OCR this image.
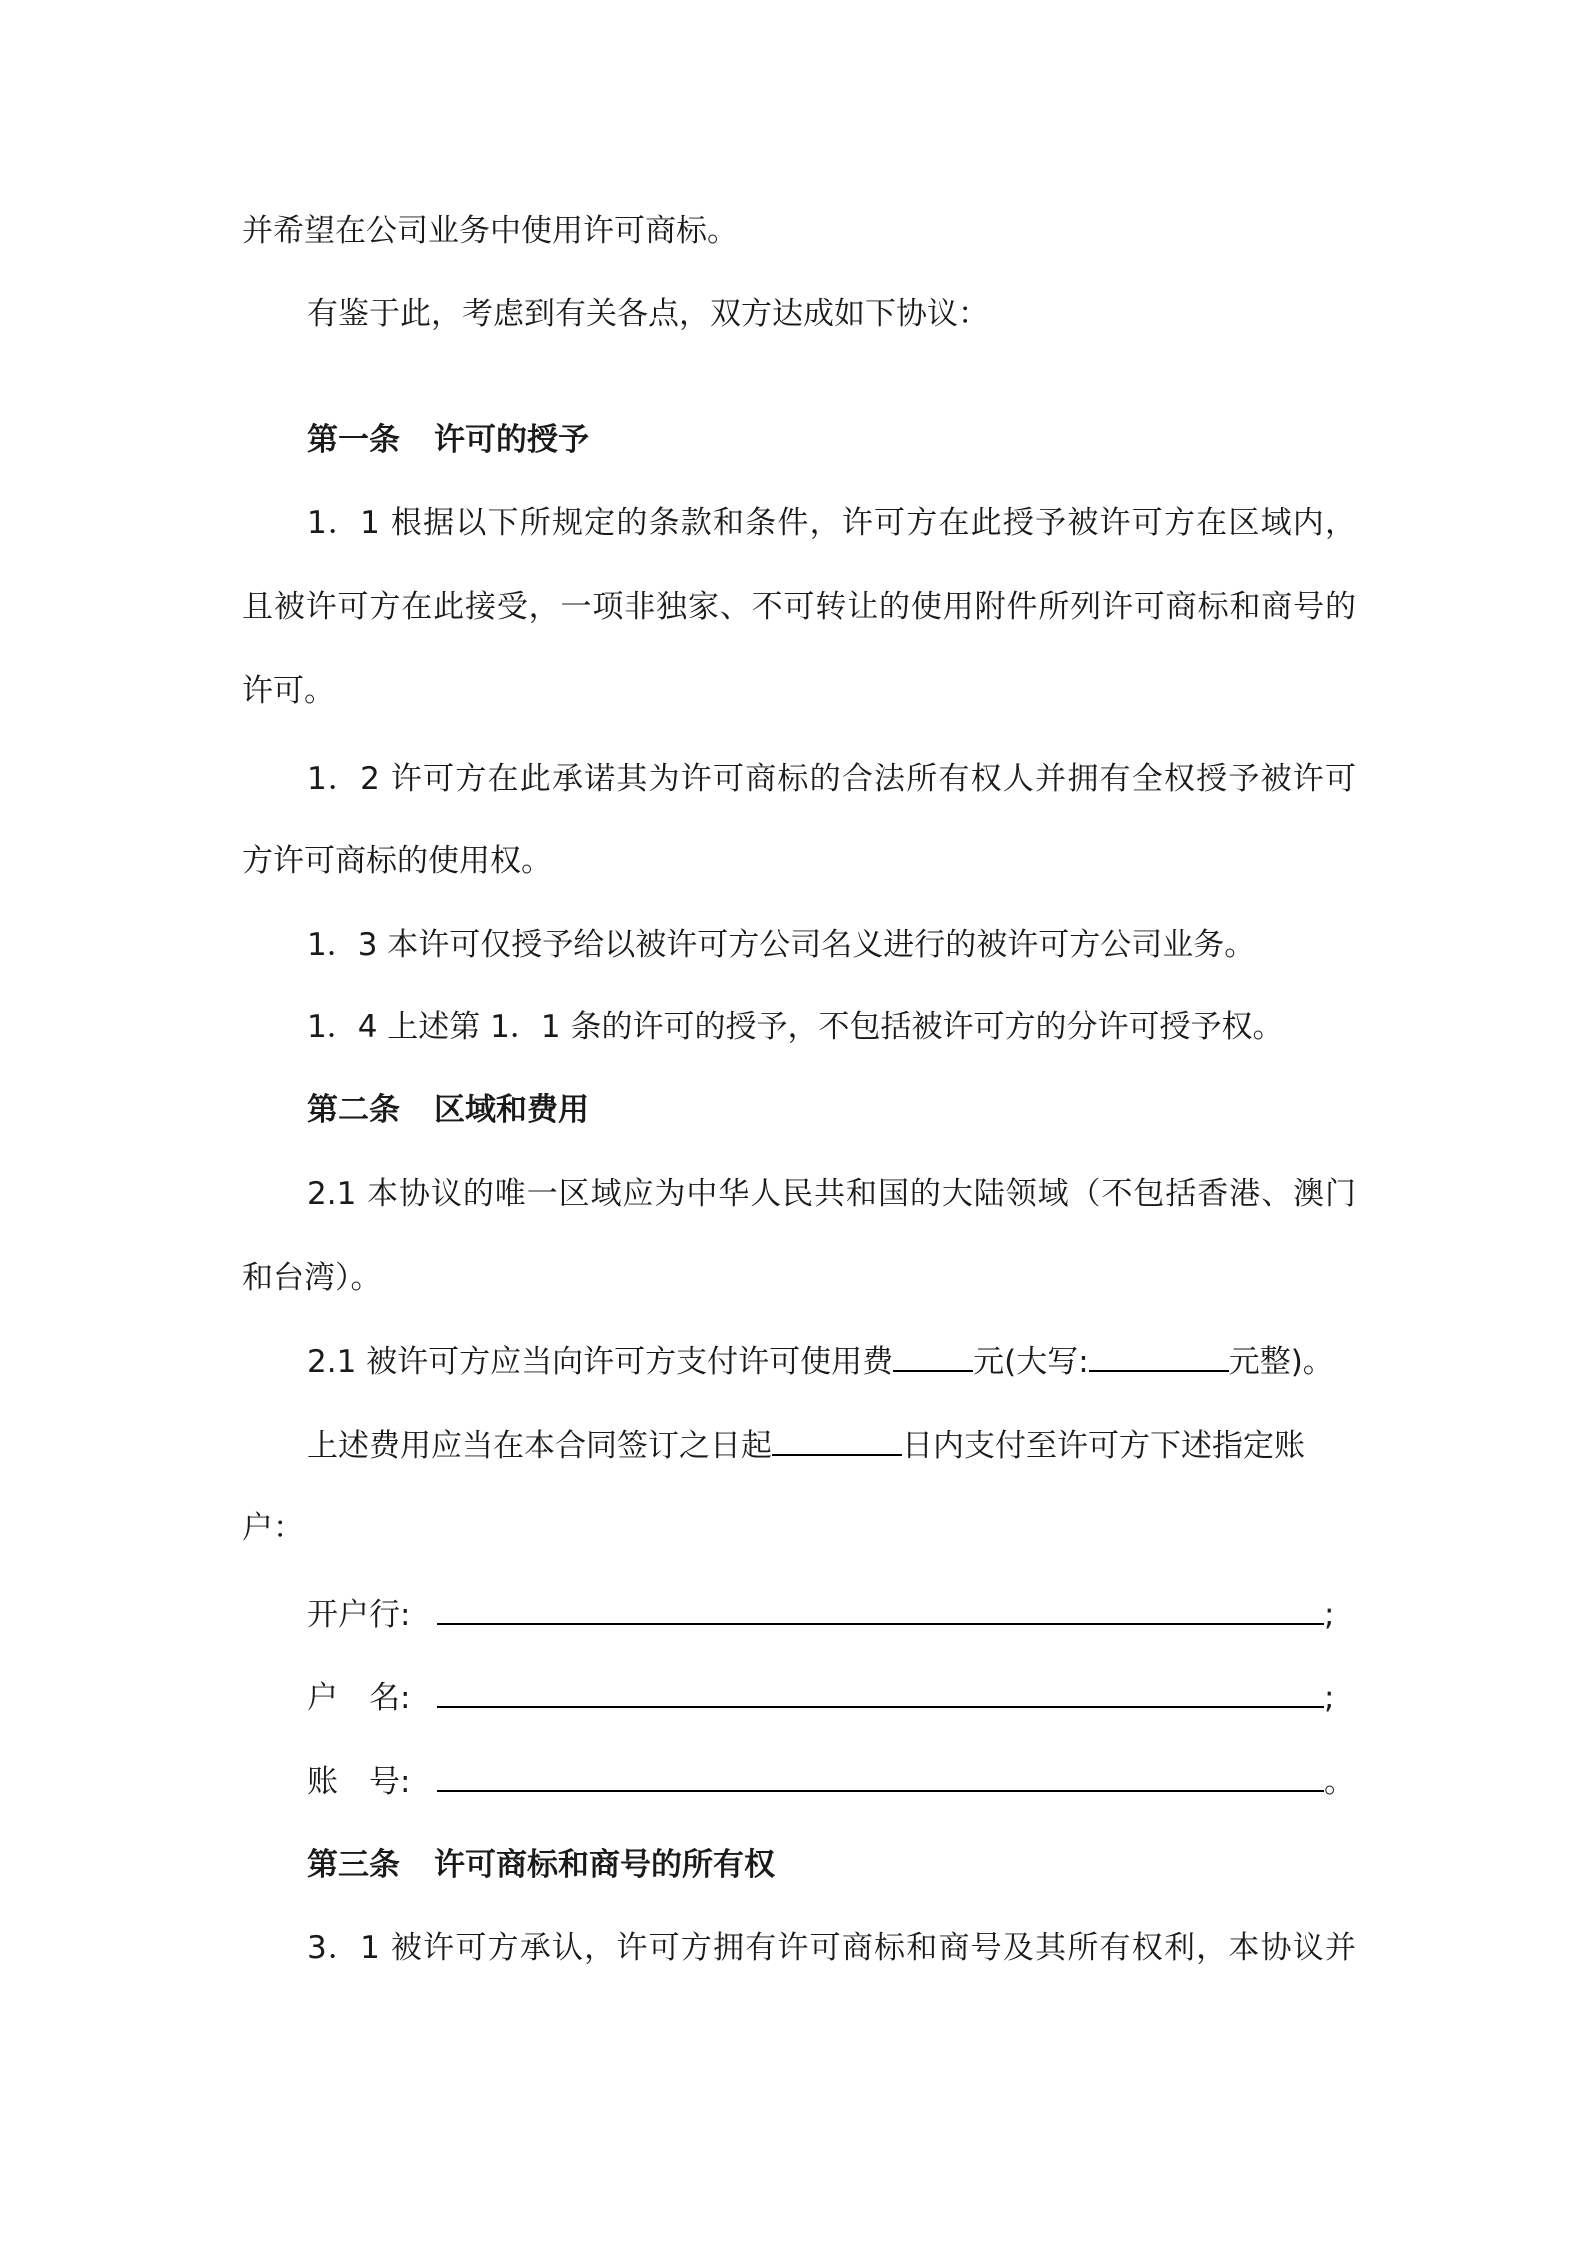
并希望在公司业务中使用许可商标。
有鉴于此，考虑到有关各点，双方达成如下协议：
第一条 许可的授予
1．1 根据以下所规定的条款和条件，许可方在此授予被许可方在区域内，
且被许可方在此接受，一项非独家、不可转让的使用附件所列许可商标和商号的
许可。
1．2 许可方在此承诺其为许可商标的合法所有权人并拥有全权授予被许可
方许可商标的使用权。
1．3 本许可仅授予给以被许可方公司名义进行的被许可方公司业务。
1．4 上述第 1．1 条的许可的授予，不包括被许可方的分许可授予权。
第二条 区域和费用
2.1 本协议的唯一区域应为中华人民共和国的大陆领域（不包括香港、澳门
和台湾）。
2.1 被许可方应当向许可方支付许可使用费	元(大写:	元整)。
上述费用应当在本合同签订之日起	日内支付至许可方下述指定账
户：
开户行:	;
户　名:	;
账　号:	。
第三条 许可商标和商号的所有权
3．1 被许可方承认，许可方拥有许可商标和商号及其所有权利，本协议并
